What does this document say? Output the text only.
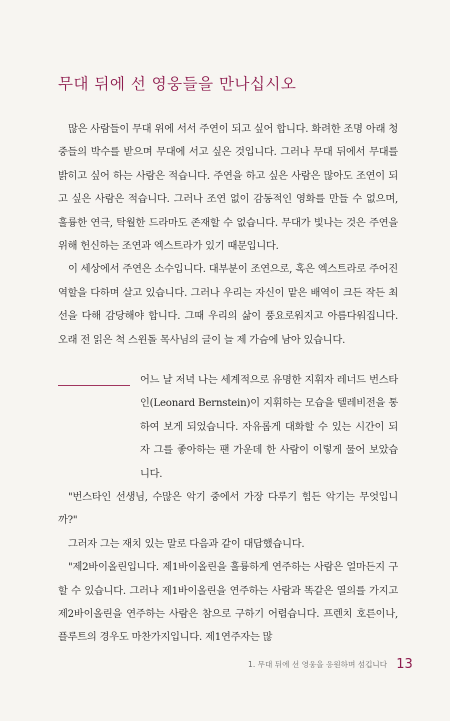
무대 뒤에 선 영웅들을 만나십시오

많은 사람들이 무대 위에 서서 주연이 되고 싶어 합니다. 화려한 조명 아래 청중들의 박수를 받으며 무대에 서고 싶은 것입니다. 그러나 무대 뒤에서 무대를 밝히고 싶어 하는 사람은 적습니다. 주연을 하고 싶은 사람은 많아도 조연이 되고 싶은 사람은 적습니다. 그러나 조연 없이 감동적인 영화를 만들 수 없으며, 훌륭한 연극, 탁월한 드라마도 존재할 수 없습니다. 무대가 빛나는 것은 주연을 위해 헌신하는 조연과 엑스트라가 있기 때문입니다.

이 세상에서 주연은 소수입니다. 대부분이 조연으로, 혹은 엑스트라로 주어진 역할을 다하며 살고 있습니다. 그러나 우리는 자신이 맡은 배역이 크든 작든 최선을 다해 감당해야 합니다. 그때 우리의 삶이 풍요로워지고 아름다워집니다. 오래 전 읽은 척 스윈돌 목사님의 글이 늘 제 가슴에 남아 있습니다.

어느 날 저녁 나는 세계적으로 유명한 지휘자 레너드 번스타인(Leonard Bernstein)이 지휘하는 모습을 텔레비전을 통하여 보게 되었습니다. 자유롭게 대화할 수 있는 시간이 되자 그를 좋아하는 팬 가운데 한 사람이 이렇게 물어 보았습니다.

"번스타인 선생님, 수많은 악기 중에서 가장 다루기 힘든 악기는 무엇입니까?"

그러자 그는 재치 있는 말로 다음과 같이 대답했습니다.

"제2바이올린입니다. 제1바이올린을 훌륭하게 연주하는 사람은 얼마든지 구할 수 있습니다. 그러나 제1바이올린을 연주하는 사람과 똑같은 열의를 가지고 제2바이올린을 연주하는 사람은 참으로 구하기 어렵습니다. 프렌치 호른이나, 플루트의 경우도 마찬가지입니다. 제1연주자는 많

1. 무대 뒤에 선 영웅을 응원하며 섬깁니다 13
